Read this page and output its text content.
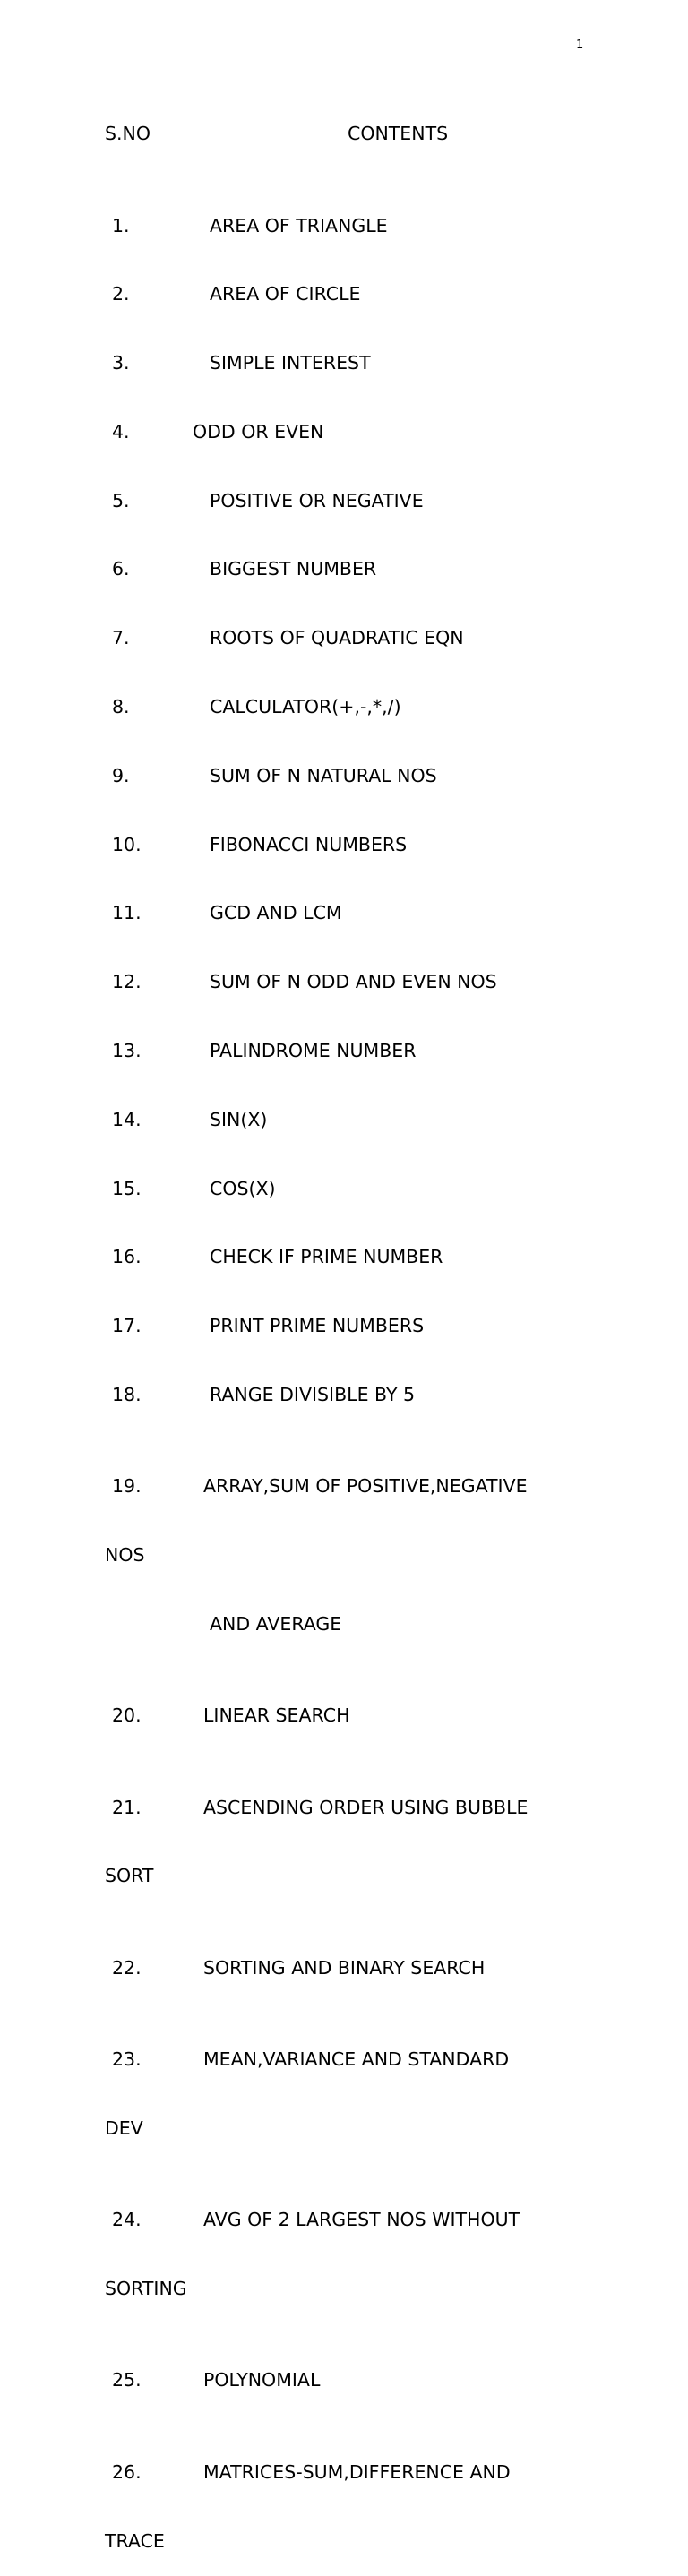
1

S.NO

	CONTENTS

1.	AREA OF TRIANGLE

2.	AREA OF CIRCLE

3.	SIMPLE INTEREST

4.	ODD OR EVEN

5.	POSITIVE OR NEGATIVE

6.	BIGGEST NUMBER

7.	ROOTS OF QUADRATIC EQN

8.	CALCULATOR(+,-,*,/)

9.	SUM OF N NATURAL NOS

10.	FIBONACCI NUMBERS

11.	GCD AND LCM

12.	SUM OF N ODD AND EVEN NOS

13.	PALINDROME NUMBER

14.	SIN(X)

15.	COS(X)

16.	CHECK IF PRIME NUMBER

17.	PRINT PRIME NUMBERS

18.	RANGE DIVISIBLE BY 5

19.	ARRAY,SUM OF POSITIVE,NEGATIVE

NOS

AND AVERAGE

20.	LINEAR SEARCH

21.	ASCENDING ORDER USING BUBBLE

SORT

22.	SORTING AND BINARY SEARCH

23.	MEAN,VARIANCE AND STANDARD

DEV

24.	AVG OF 2 LARGEST NOS WITHOUT

SORTING

25.	POLYNOMIAL

26.	MATRICES-SUM,DIFFERENCE AND

TRACE
